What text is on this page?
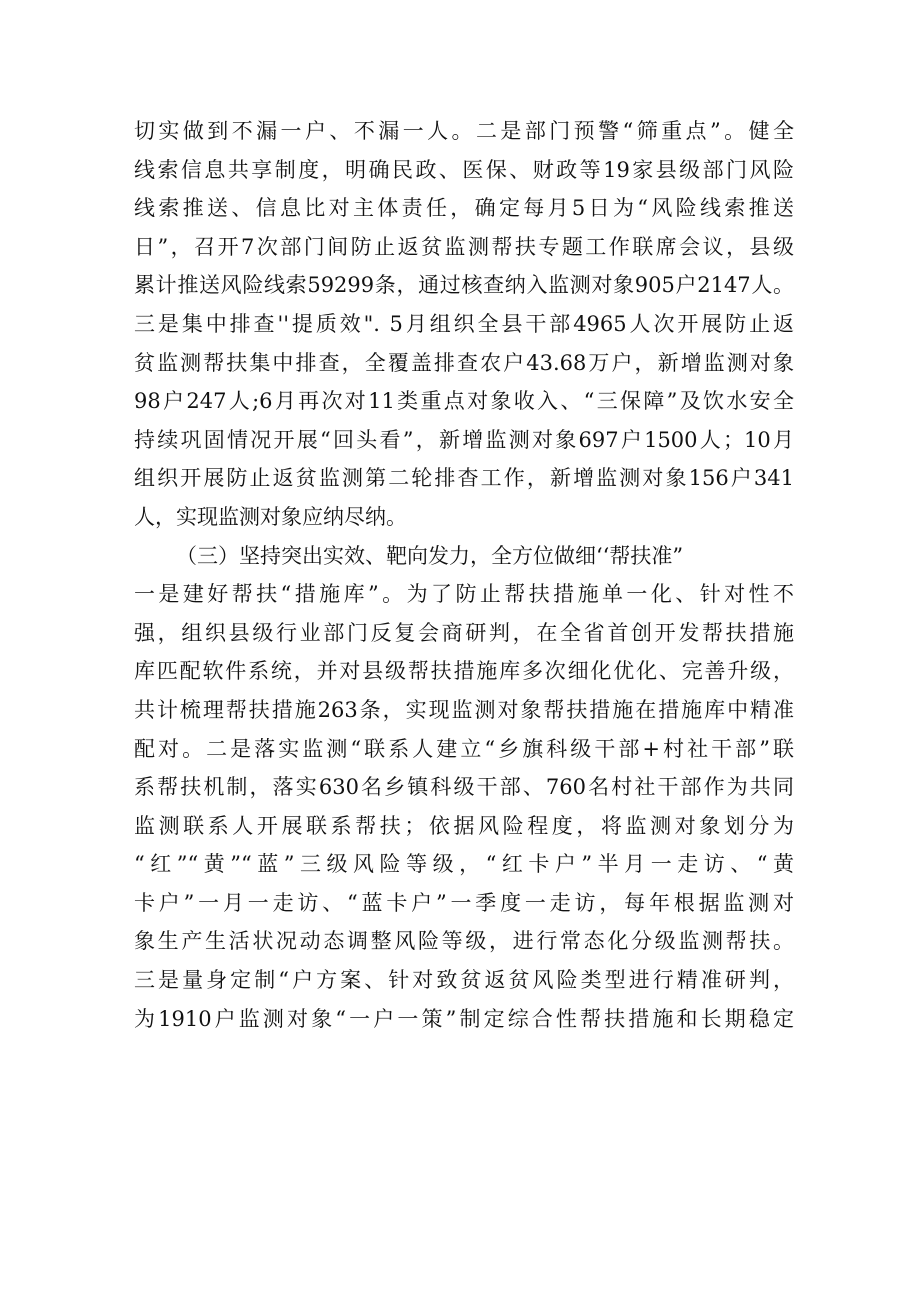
切实做到不漏一户、不漏一人。二是部门预警“筛重点”。健全
线索信息共享制度，明确民政、医保、财政等19家县级部门风险
线索推送、信息比对主体责任，确定每月5日为“风险线索推送
日”，召开7次部门间防止返贫监测帮扶专题工作联席会议，县级
累计推送风险线索59299条，通过核查纳入监测对象905户2147人。
三是集中排查''提质效". 5月组织全县干部4965人次开展防止返
贫监测帮扶集中排查，全覆盖排查农户43.68万户，新增监测对象
98户247人;6月再次对11类重点对象收入、“三保障”及饮水安全
持续巩固情况开展“回头看”，新增监测对象697户1500人；10月
组织开展防止返贫监测第二轮排杳工作，新增监测对象156户341
人，实现监测对象应纳尽纳。
（三）坚持突出实效、靶向发力，全方位做细‘‘帮扶准”
一是建好帮扶“措施库”。为了防止帮扶措施单一化、针对性不
强，组织县级行业部门反复会商研判，在全省首创开发帮扶措施
库匹配软件系统，并对县级帮扶措施库多次细化优化、完善升级，
共计梳理帮扶措施263条，实现监测对象帮扶措施在措施库中精准
配对。二是落实监测“联系人建立“乡旗科级干部+村社干部”联
系帮扶机制，落实630名乡镇科级干部、760名村社干部作为共同
监测联系人开展联系帮扶；依据风险程度，将监测对象划分为
“红”“黄”“蓝”三级风险等级，“红卡户”半月一走访、“黄
卡户”一月一走访、“蓝卡户”一季度一走访，每年根据监测对
象生产生活状况动态调整风险等级，进行常态化分级监测帮扶。
三是量身定制“户方案、针对致贫返贫风险类型进行精准研判，
为1910户监测对象“一户一策”制定综合性帮扶措施和长期稳定
